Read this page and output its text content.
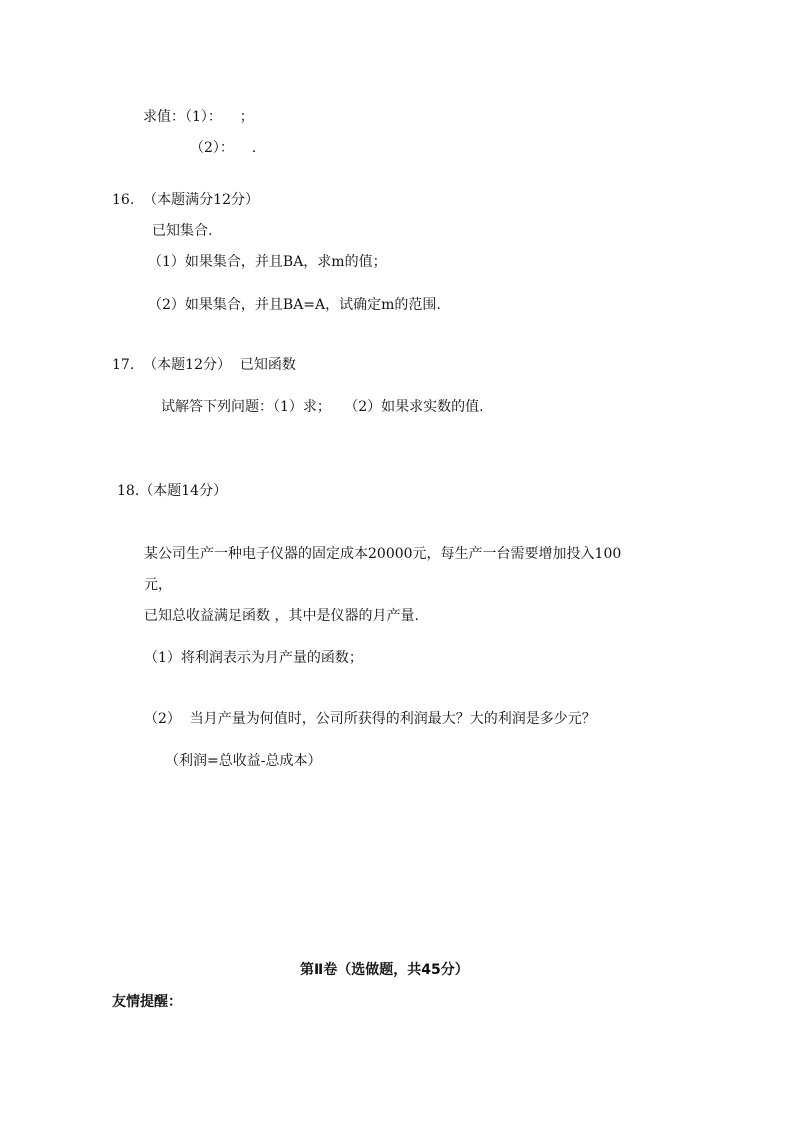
求值：（1）：    ；
（2）：    .
16.  （本题满分12分）
已知集合.
（1）如果集合，并且BA，求m的值；
（2）如果集合，并且BA=A，试确定m的范围.
17.  （本题12分）  已知函数
试解答下列问题：（1）求；   （2）如果求实数的值.
18.（本题14分）
某公司生产一种电子仪器的固定成本20000元，每生产一台需要增加投入100
元，
已知总收益满足函数 ，其中是仪器的月产量.
（1）将利润表示为月产量的函数；
（2）  当月产量为何值时，公司所获得的利润最大？大的利润是多少元？
（利润=总收益-总成本）
第Ⅱ卷（选做题，共45分）
友情提醒：
